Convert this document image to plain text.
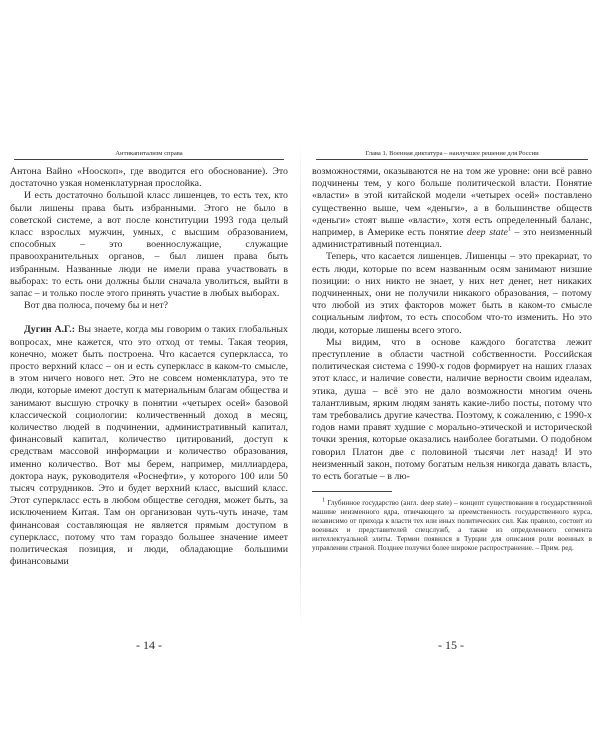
Антикапитализм справа

Антона Вайно «Нооскоп», где вводится его обоснование). Это достаточно узкая номенклатурная прослойка.

И есть достаточно большой класс лишенцев, то есть тех, кто были лишены права быть избранными. Этого не было в советской системе, а вот после конституции 1993 года целый класс взрослых мужчин, умных, с высшим образованием, способных – это военнослужащие, служащие правоохранительных органов, – был лишен права быть избранным. Названные люди не имели права участвовать в выборах: то есть они должны были сначала уволиться, выйти в запас – и только после этого принять участие в любых выборах.

Вот два полюса, почему бы и нет?

Дугин А.Г.: Вы знаете, когда мы говорим о таких глобальных вопросах, мне кажется, что это отход от темы. Такая теория, конечно, может быть построена. Что касается суперкласса, то просто верхний класс – он и есть суперкласс в каком-то смысле, в этом ничего нового нет. Это не совсем номенклатура, это те люди, которые имеют доступ к материальным благам общества и занимают высшую строчку в понятии «четырех осей» базовой классической социологии: количественный доход в месяц, количество людей в подчинении, административный капитал, финансовый капитал, количество цитирований, доступ к средствам массовой информации и количество образования, именно количество. Вот мы берем, например, миллиардера, доктора наук, руководителя «Роснефти», у которого 100 или 50 тысяч сотрудников. Это и будет верхний класс, высший класс. Этот суперкласс есть в любом обществе сегодня, может быть, за исключением Китая. Там он организован чуть-чуть иначе, там финансовая составляющая не является прямым доступом в суперкласс, потому что там гораздо большее значение имеет политическая позиция, и люди, обладающие большими финансовыми

Глава 1. Военная диктатура – наилучшее решение для России

возможностями, оказываются не на том же уровне: они всё равно подчинены тем, у кого больше политической власти. Понятие «власти» в этой китайской модели «четырех осей» поставлено существенно выше, чем «деньги», а в большинстве обществ «деньги» стоят выше «власти», хотя есть определенный баланс, например, в Америке есть понятие deep state$^1$ – это неизменный административный потенциал.

Теперь, что касается лишенцев. Лишенцы – это прекариат, то есть люди, которые по всем названным осям занимают низшие позиции: о них никто не знает, у них нет денег, нет никаких подчиненных, они не получили никакого образования, – потому что любой из этих факторов может быть в каком-то смысле социальным лифтом, то есть способом что-то изменить. Но это люди, которые лишены всего этого.

Мы видим, что в основе каждого богатства лежит преступление в области частной собственности. Российская политическая система с 1990-х годов формирует на наших глазах этот класс, и наличие совести, наличие верности своим идеалам, этика, душа – всё это не дало возможности многим очень талантливым, ярким людям занять какие-либо посты, потому что там требовались другие качества. Поэтому, к сожалению, с 1990-х годов нами правят худшие с морально-этической и исторической точки зрения, которые оказались наиболее богатыми. О подобном говорил Платон две с половиной тысячи лет назад! И это неизменный закон, потому богатым нельзя никогда давать власть, то есть богатые – в лю-

$^1$ Глубинное государство (англ. deep state) – концепт существования в государственной машине неизменного ядра, отвечающего за преемственность государственного курса, независимо от прихода к власти тех или иных политических сил. Как правило, состоит из военных и представителей спецслужб, а также из определенного сегмента интеллектуальной элиты. Термин появился в Турции для описания роли военных в управлении страной. Позднее получил более широкое распространение. – Прим. ред.

- 14 -	- 15 -
